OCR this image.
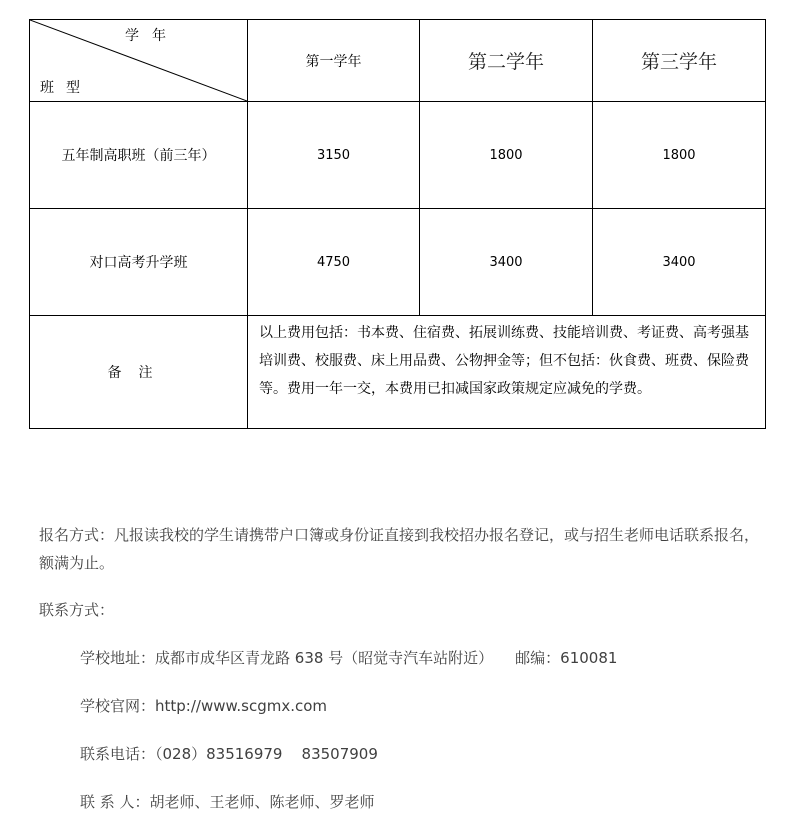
学年
班型	第一学年	第二学年	第三学年
五年制高职班（前三年）	3150	1800	1800
对口高考升学班	4750	3400	3400
备注	以上费用包括：书本费、住宿费、拓展训练费、技能培训费、考证费、高考强基培训费、校服费、床上用品费、公物押金等；但不包括：伙食费、班费、保险费等。费用一年一交，本费用已扣减国家政策规定应减免的学费。		
报名方式：凡报读我校的学生请携带户口簿或身份证直接到我校招办报名登记，或与招生老师电话联系报名，额满为止。
联系方式：
学校地址：成都市成华区青龙路 638 号（昭觉寺汽车站附近） 邮编：610081
学校官网：http://www.scgmx.com
联系电话：（028）83516979    83507909
联 系 人：胡老师、王老师、陈老师、罗老师
